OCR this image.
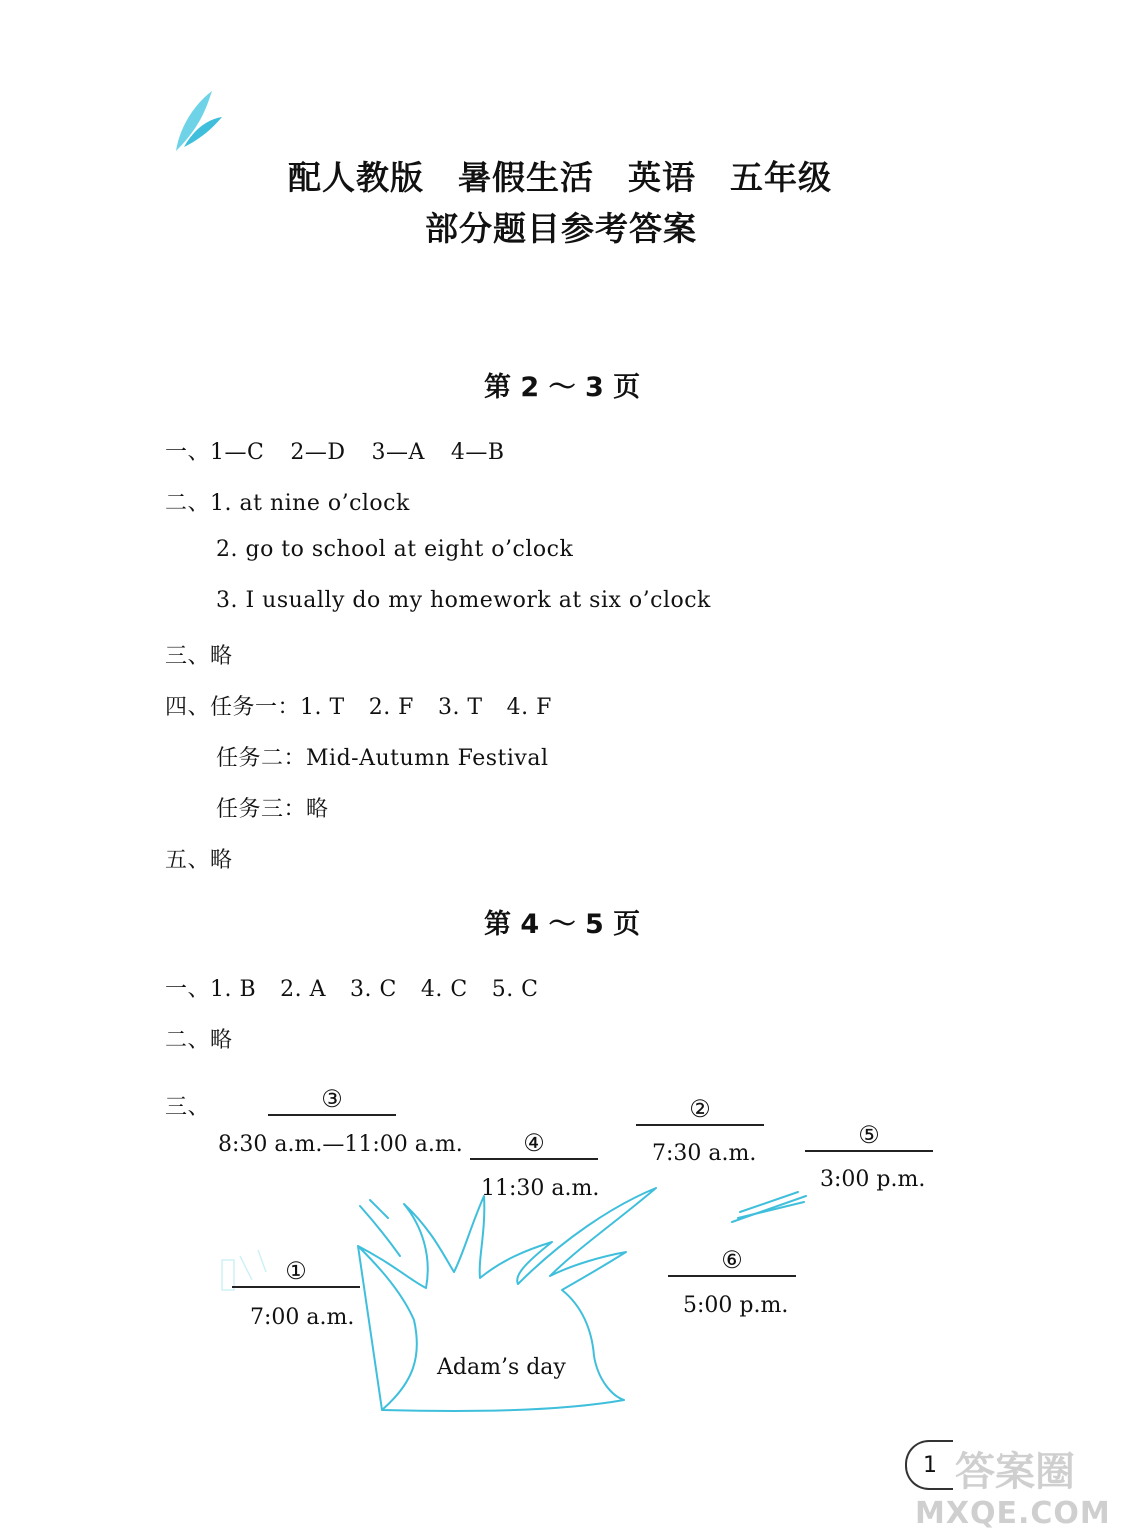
配人教版 暑假生活 英语 五年级
部分题目参考答案
第 2 ～ 3 页
一、1—C 2—D 3—A 4—B
二、1. at nine o’clock
2. go to school at eight o’clock
3. I usually do my homework at six o’clock
三、略
四、任务一：1. T 2. F 3. T 4. F
任务二：Mid-Autumn Festival
任务三：略
五、略
第 4 ～ 5 页
一、1. B 2. A 3. C 4. C 5. C
二、略
三、
Adam’s day
③
8:30 a.m.—11:00 a.m.	④
11:30 a.m.
②
7:30 a.m.
⑤
3:00 p.m.
①
7:00 a.m.
⑥
5:00 p.m.
1 答案圈
MXQE.COM
